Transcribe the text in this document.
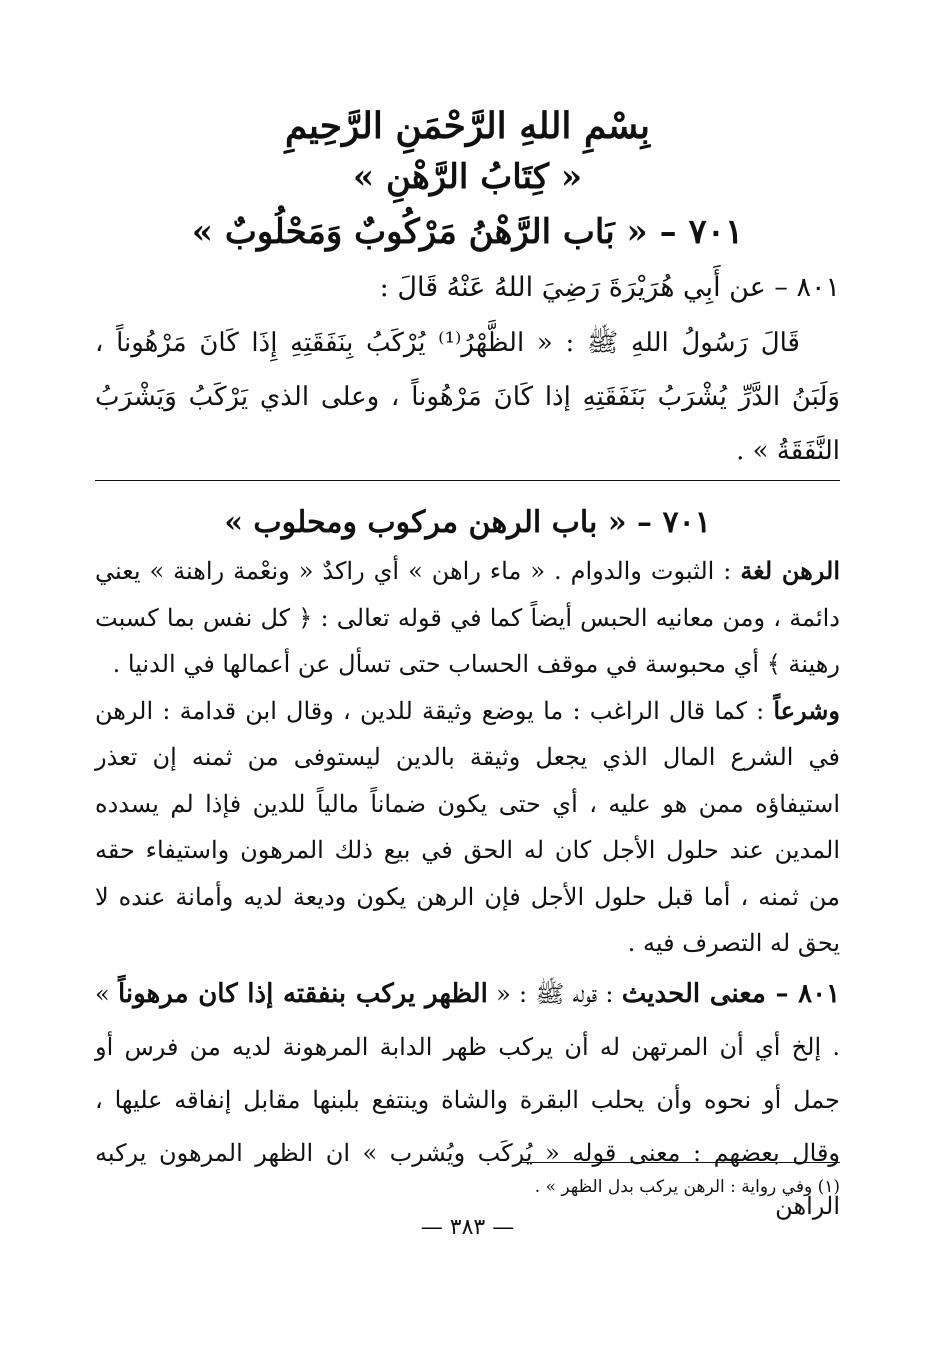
بِسْمِ اللهِ الرَّحْمَنِ الرَّحِيمِ
« كِتَابُ الرَّهْنِ »
٧٠١ – « بَاب الرَّهْنُ مَرْكُوبٌ وَمَحْلُوبٌ »
٨٠١ – عن أَبِي هُرَيْرَةَ رَضِيَ اللهُ عَنْهُ قَالَ :
قَالَ رَسُولُ اللهِ ﷺ : « الظَّهْرُ⁽¹⁾ يُرْكَبُ بِنَفَقَتِهِ إِذَا كَانَ مَرْهُوناً ، وَلَبَنُ الدَّرِّ يُشْرَبُ بَنَفَقَتِهِ إذا كَانَ مَرْهُوناً ، وعلى الذي يَرْكَبُ وَيَشْرَبُ النَّفَقَةُ » .
٧٠١ – « باب الرهن مركوب ومحلوب »

الرهن لغة : الثبوت والدوام . « ماء راهن » أي راكدٌ « ونعْمة راهنة » يعني دائمة ، ومن معانيه الحبس أيضاً كما في قوله تعالى : ﴿ كل نفس بما كسبت رهينة ﴾ أي محبوسة في موقف الحساب حتى تسأل عن أعمالها في الدنيا .

وشرعاً : كما قال الراغب : ما يوضع وثيقة للدين ، وقال ابن قدامة : الرهن في الشرع المال الذي يجعل وثيقة بالدين ليستوفى من ثمنه إن تعذر استيفاؤه ممن هو عليه ، أي حتى يكون ضماناً مالياً للدين فإذا لم يسدده المدين عند حلول الأجل كان له الحق في بيع ذلك المرهون واستيفاء حقه من ثمنه ، أما قبل حلول الأجل فإن الرهن يكون وديعة لديه وأمانة عنده لا يحق له التصرف فيه .

٨٠١ – معنى الحديث : قوله ﷺ : « الظهر يركب بنفقته إذا كان مرهوناً » . إلخ أي أن المرتهن له أن يركب ظهر الدابة المرهونة لديه من فرس أو جمل أو نحوه وأن يحلب البقرة والشاة وينتفع بلبنها مقابل إنفاقه عليها ، وقال بعضهم : معنى قوله « يُركَب ويُشرب » ان الظهر المرهون يركبه الراهن
(١) وفي رواية : الرهن يركب بدل الظهر » .
— ٣٨٣ —
